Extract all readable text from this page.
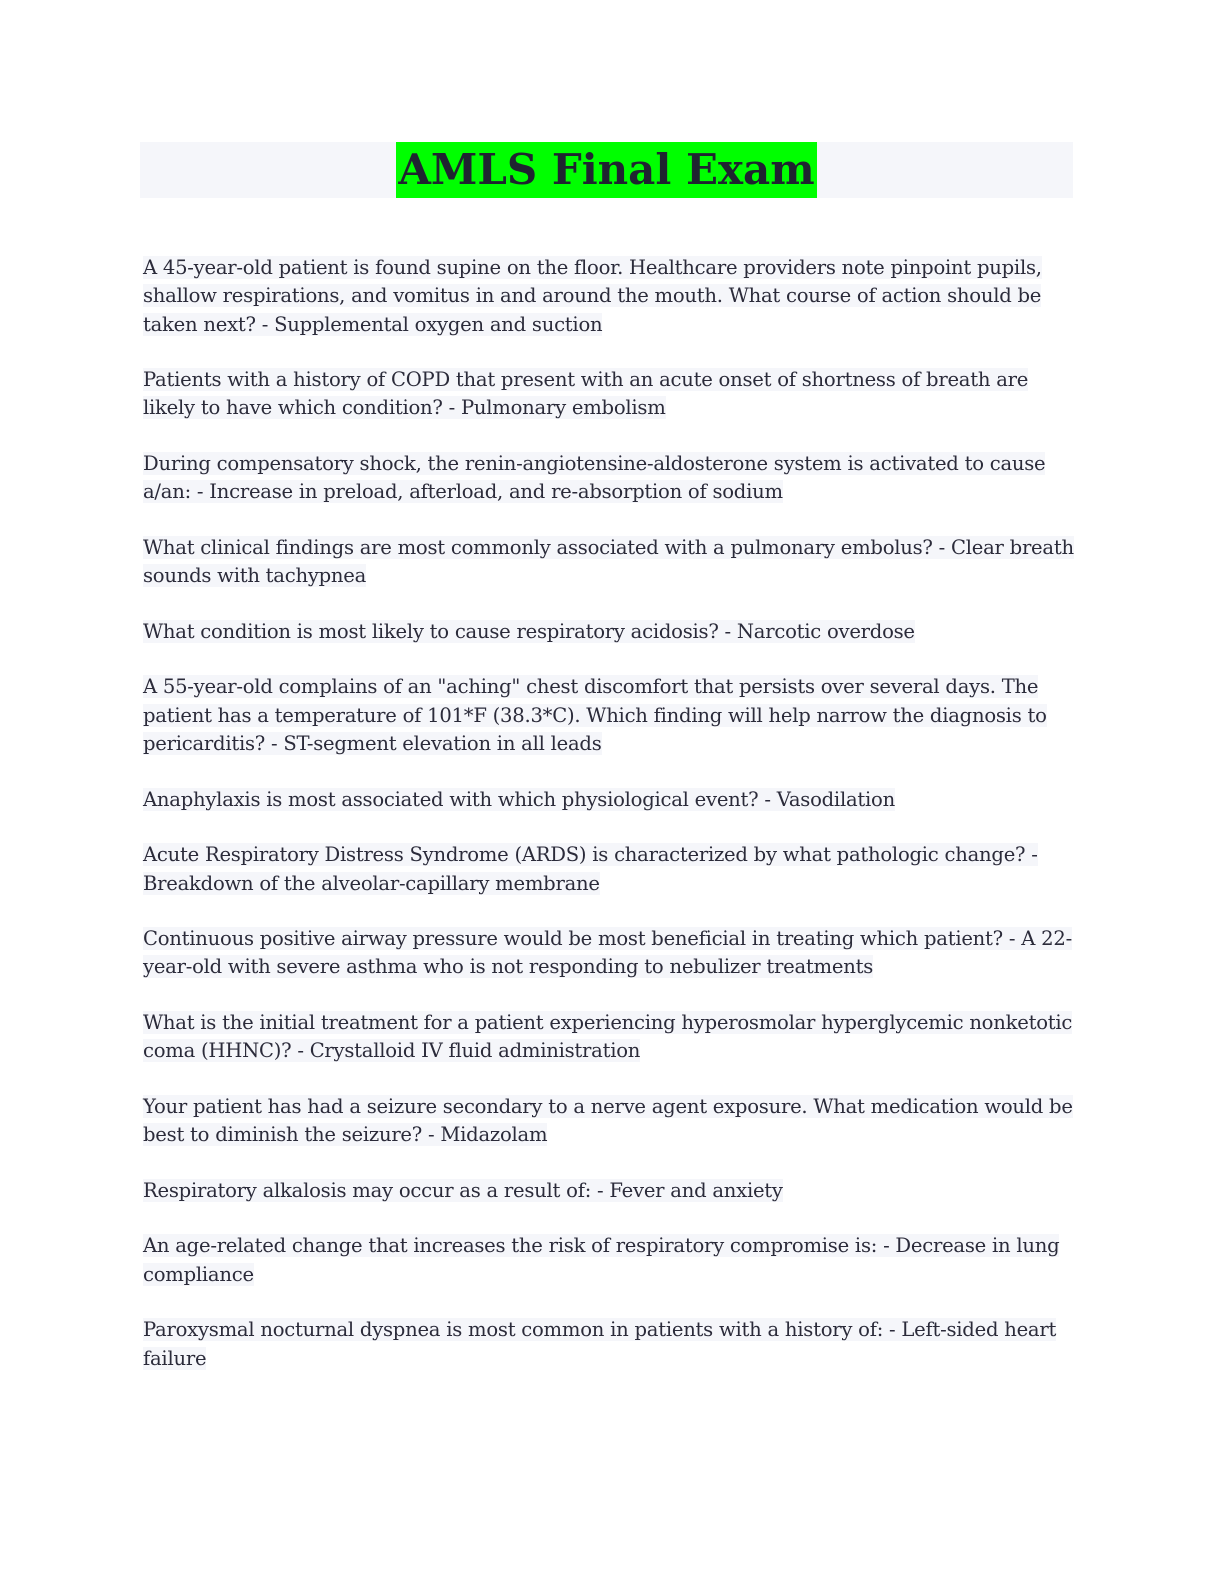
AMLS Final Exam

A 45-year-old patient is found supine on the floor. Healthcare providers note pinpoint pupils, shallow respirations, and vomitus in and around the mouth. What course of action should be taken next? - Supplemental oxygen and suction

Patients with a history of COPD that present with an acute onset of shortness of breath are likely to have which condition? - Pulmonary embolism

During compensatory shock, the renin-angiotensine-aldosterone system is activated to cause a/an: - Increase in preload, afterload, and re-absorption of sodium

What clinical findings are most commonly associated with a pulmonary embolus? - Clear breath sounds with tachypnea

What condition is most likely to cause respiratory acidosis? - Narcotic overdose

A 55-year-old complains of an "aching" chest discomfort that persists over several days. The patient has a temperature of 101*F (38.3*C). Which finding will help narrow the diagnosis to pericarditis? - ST-segment elevation in all leads

Anaphylaxis is most associated with which physiological event? - Vasodilation

Acute Respiratory Distress Syndrome (ARDS) is characterized by what pathologic change? - Breakdown of the alveolar-capillary membrane

Continuous positive airway pressure would be most beneficial in treating which patient? - A 22-year-old with severe asthma who is not responding to nebulizer treatments

What is the initial treatment for a patient experiencing hyperosmolar hyperglycemic nonketotic coma (HHNC)? - Crystalloid IV fluid administration

Your patient has had a seizure secondary to a nerve agent exposure. What medication would be best to diminish the seizure? - Midazolam

Respiratory alkalosis may occur as a result of: - Fever and anxiety

An age-related change that increases the risk of respiratory compromise is: - Decrease in lung compliance

Paroxysmal nocturnal dyspnea is most common in patients with a history of: - Left-sided heart failure
